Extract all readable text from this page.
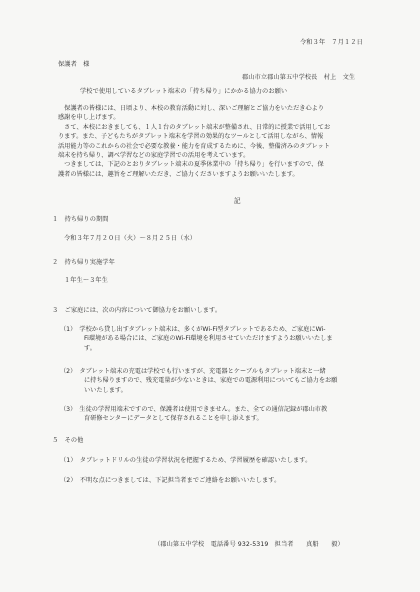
令和３年　７月１２日
保護者　様
郡山市立郡山第五中学校長　村上　文生
学校で使用しているタブレット端末の「持ち帰り」にかかる協力のお願い
　保護者の皆様には、日頃より、本校の教育活動に対し、深いご理解とご協力をいただき心より
感謝を申し上げます。
　さて、本校におきましても、１人１台のタブレット端末が整備され、日常的に授業で活用してお
ります。また、子どもたちがタブレット端末を学習の効果的なツールとして活用しながら、情報
活用能力等のこれからの社会で必要な教養・能力を育成するために、今後、整備済みのタブレット
端末を持ち帰り、調べ学習などの家庭学習での活用を考えています。
　つきましては、下記のとおりタブレット端末の夏季休業中の「持ち帰り」を行いますので、保
護者の皆様には、趣旨をご理解いただき、ご協力くださいますようお願いいたします。
記
１　持ち帰りの期間
令和３年７月２０日（火）～８月２５日（水）
２　持ち帰り実施学年
１年生～３年生
３　ご家庭には、次の内容について御協力をお願いします。
（1）　学校から貸し出すタブレット端末は、多くがWi-Fi型タブレットであるため、ご家庭にWi-
Fi環境がある場合には、ご家庭のWi-Fi環境を利用させていただけますようお願いいたしま
す。
（2）　タブレット端末の充電は学校でも行いますが、充電器とケーブルもタブレット端末と一緒
に持ち帰りますので、残充電量が少ないときは、家庭での電源利用についてもご協力をお願
いいたします。
（3）　生徒の学習用端末ですので、保護者は使用できません。また、全ての通信記録が郡山市教
育研修センターにデータとして保存されることを申し添えます。
５　その他
（1）　タブレットドリルの生徒の学習状況を把握するため、学習履歴を確認いたします。
（2）　不明な点につきましては、下記担当者までご連絡をお願いいたします。
（郡山第五中学校　電話番号 932-5319　担当者　　真船　　毅）
